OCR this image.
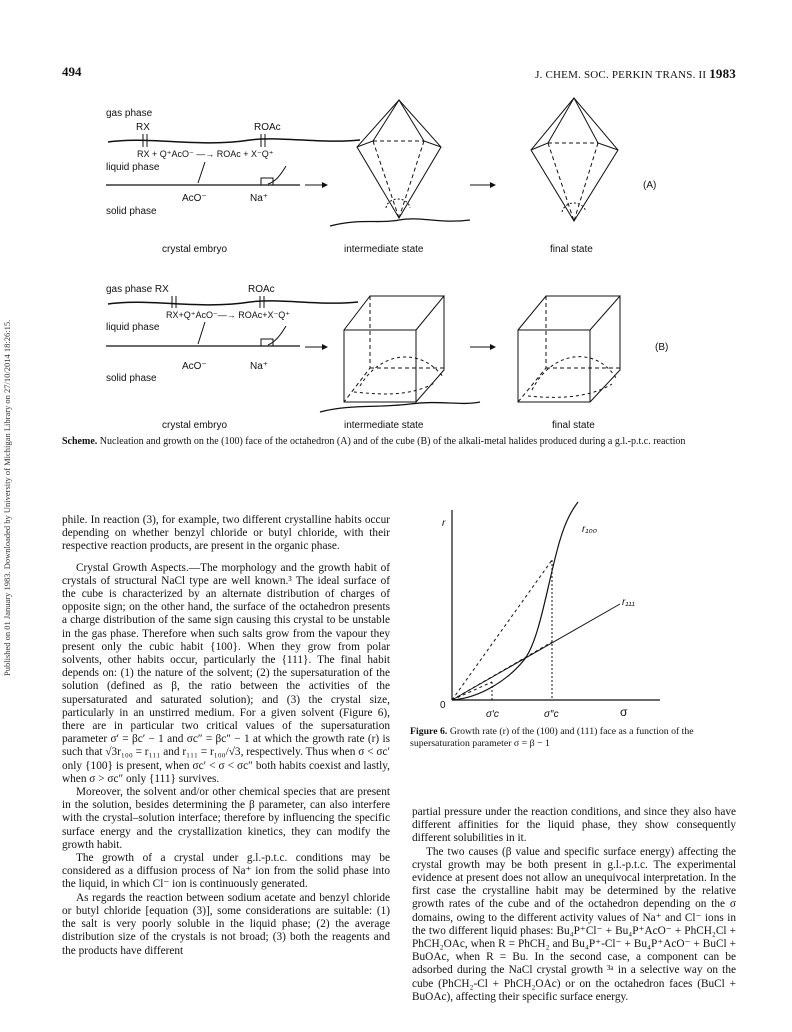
494	J. CHEM. SOC. PERKIN TRANS. II 1983
Published on 01 January 1983. Downloaded by University of Michigan Library on 27/10/2014 18:26:15.
gas phase
RX	ROAc
RX + Q⁺AcO⁻ —→ ROAc + X⁻Q⁺
liquid phase
AcO⁻	Na⁺
solid phase
(A)
crystal embryo	intermediate state	final state
gas phase RX	ROAc
RX+Q⁺AcO⁻—→ ROAc+X⁻Q⁺
liquid phase
AcO⁻	Na⁺
solid phase
(B)
crystal embryo	intermediate state	final state
Scheme. Nucleation and growth on the (100) face of the octahedron (A) and of the cube (B) of the alkali-metal halides produced during a g.l.-p.t.c. reaction
r
0	σ
r₁₀₀
r₁₁₁
σ′c	σ″c
Figure 6. Growth rate (r) of the (100) and (111) face as a function of the supersaturation parameter σ = β − 1

phile. In reaction (3), for example, two different crystalline habits occur depending on whether benzyl chloride or butyl chloride, with their respective reaction products, are present in the organic phase.

Crystal Growth Aspects.—The morphology and the growth habit of crystals of structural NaCl type are well known.³ The ideal surface of the cube is characterized by an alternate distribution of charges of opposite sign; on the other hand, the surface of the octahedron presents a charge distribution of the same sign causing this crystal to be unstable in the gas phase. Therefore when such salts grow from the vapour they present only the cubic habit {100}. When they grow from polar solvents, other habits occur, particularly the {111}. The final habit depends on: (1) the nature of the solvent; (2) the supersaturation of the solution (defined as β, the ratio between the activities of the supersaturated and saturated solution); and (3) the crystal size, particularly in an unstirred medium. For a given solvent (Figure 6), there are in particular two critical values of the supersaturation parameter σ′ = βc′ − 1 and σc″ = βc″ − 1 at which the growth rate (r) is such that √3r₁₀₀ = r₁₁₁ and r₁₁₁ = r₁₀₀/√3, respectively. Thus when σ < σc′ only {100} is present, when σc′ < σ < σc″ both habits coexist and lastly, when σ > σc″ only {111} survives.

Moreover, the solvent and/or other chemical species that are present in the solution, besides determining the β parameter, can also interfere with the crystal–solution interface; therefore by influencing the specific surface energy and the crystallization kinetics, they can modify the growth habit.

The growth of a crystal under g.l.-p.t.c. conditions may be considered as a diffusion process of Na⁺ ion from the solid phase into the liquid, in which Cl⁻ ion is continuously generated.

As regards the reaction between sodium acetate and benzyl chloride or butyl chloride [equation (3)], some considerations are suitable: (1) the salt is very poorly soluble in the liquid phase; (2) the average distribution size of the crystals is not broad; (3) both the reagents and the products have different

partial pressure under the reaction conditions, and since they also have different affinities for the liquid phase, they show consequently different solubilities in it.

The two causes (β value and specific surface energy) affecting the crystal growth may be both present in g.l.-p.t.c. The experimental evidence at present does not allow an unequivocal interpretation. In the first case the crystalline habit may be determined by the relative growth rates of the cube and of the octahedron depending on the σ domains, owing to the different activity values of Na⁺ and Cl⁻ ions in the two different liquid phases: Bu₄P⁺Cl⁻ + Bu₄P⁺AcO⁻ + PhCH₂Cl + PhCH₂OAc, when R = PhCH₂ and Bu₄P⁺-Cl⁻ + Bu₄P⁺AcO⁻ + BuCl + BuOAc, when R = Bu. In the second case, a component can be adsorbed during the NaCl crystal growth ³ᵃ in a selective way on the cube (PhCH₂-Cl + PhCH₂OAc) or on the octahedron faces (BuCl + BuOAc), affecting their specific surface energy.
